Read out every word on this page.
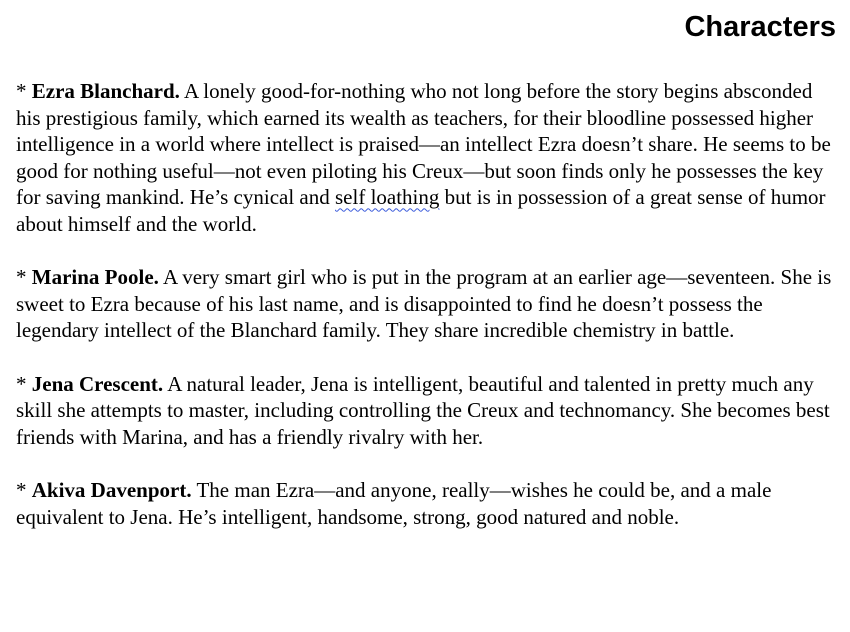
Characters

* Ezra Blanchard. A lonely good-for-nothing who not long before the story begins absconded his prestigious family, which earned its wealth as teachers, for their bloodline possessed higher intelligence in a world where intellect is praised—an intellect Ezra doesn’t share. He seems to be good for nothing useful—not even piloting his Creux—but soon finds only he possesses the key for saving mankind. He’s cynical and self loathing but is in possession of a great sense of humor about himself and the world.

* Marina Poole. A very smart girl who is put in the program at an earlier age—seventeen. She is sweet to Ezra because of his last name, and is disappointed to find he doesn’t possess the legendary intellect of the Blanchard family. They share incredible chemistry in battle.

* Jena Crescent. A natural leader, Jena is intelligent, beautiful and talented in pretty much any skill she attempts to master, including controlling the Creux and technomancy. She becomes best friends with Marina, and has a friendly rivalry with her.

* Akiva Davenport. The man Ezra—and anyone, really—wishes he could be, and a male equivalent to Jena. He’s intelligent, handsome, strong, good natured and noble.
